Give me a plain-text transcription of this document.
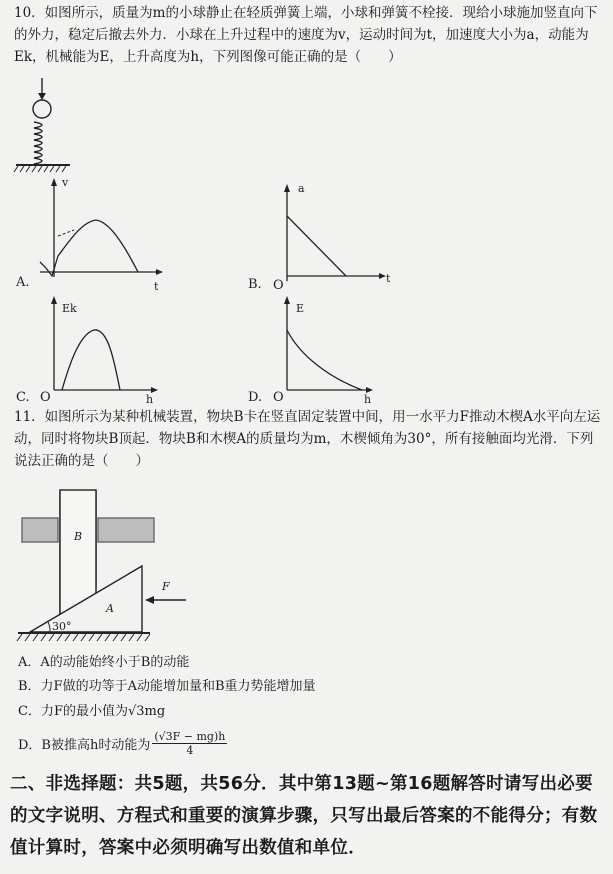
10．如图所示，质量为m的小球静止在轻质弹簧上端，小球和弹簧不栓接．现给小球施加竖直向下的外力，稳定后撤去外力．小球在上升过程中的速度为v，运动时间为t，加速度大小为a，动能为Ek，机械能为E，上升高度为h，下列图像可能正确的是（　　）
v
t
A.
a
t
B. O
Ek
h
C. O
E
h
D. O
B
A
F
30°
11．如图所示为某种机械装置，物块B卡在竖直固定装置中间，用一水平力F推动木楔A水平向左运动，同时将物块B顶起．物块B和木楔A的质量均为m，木楔倾角为30°，所有接触面均光滑．下列说法正确的是（　　）
A．A的动能始终小于B的动能
B．力F做的功等于A动能增加量和B重力势能增加量
C．力F的最小值为√3mg
D．B被推高h时动能为 $\frac{(√3F - mg)h}{4}$
二、非选择题：共5题，共56分．其中第13题~第16题解答时请写出必要的文字说明、方程式和重要的演算步骤，只写出最后答案的不能得分；有数值计算时，答案中必须明确写出数值和单位．
